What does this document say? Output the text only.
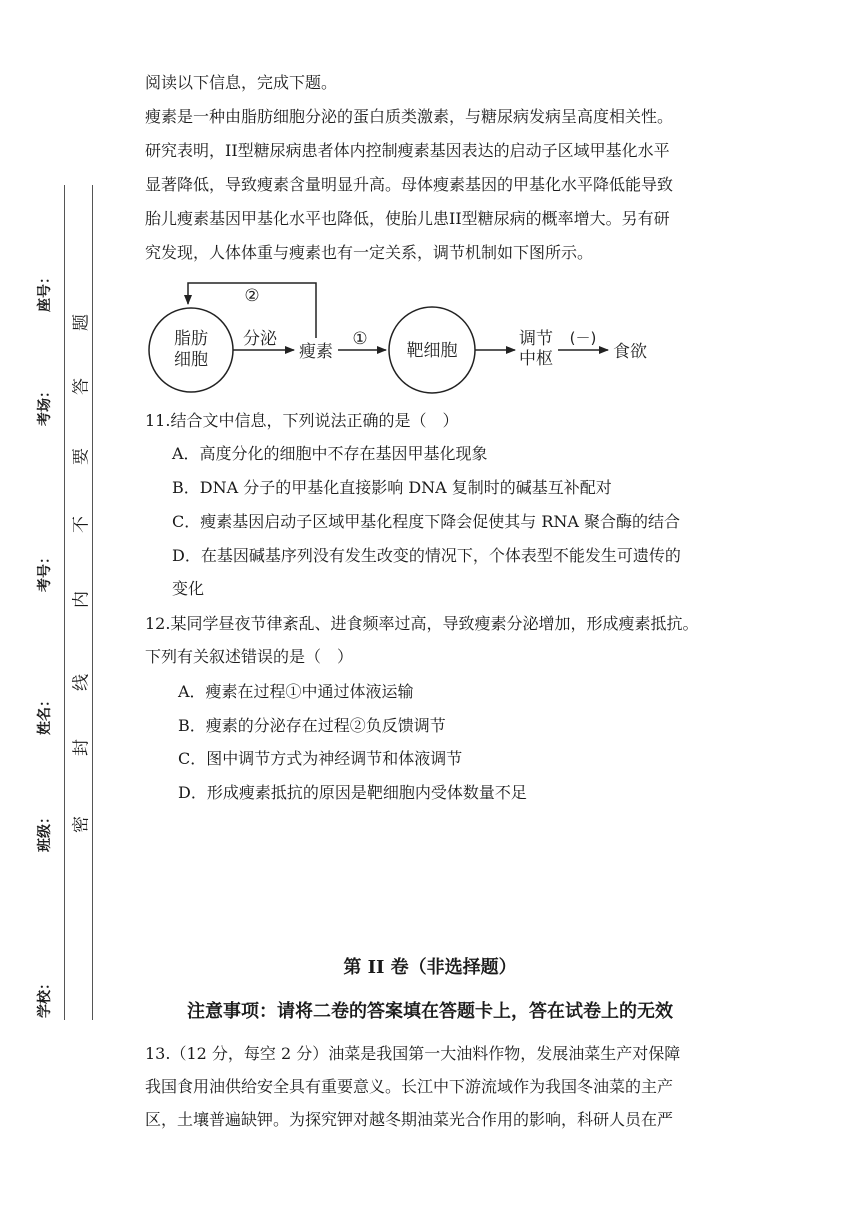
座号：
考场：
考号：
姓名：
班级：
学校：
题
答
要
不
内
线
封
密

阅读以下信息，完成下题。

瘦素是一种由脂肪细胞分泌的蛋白质类激素，与糖尿病发病呈高度相关性。

研究表明，II型糖尿病患者体内控制瘦素基因表达的启动子区域甲基化水平

显著降低，导致瘦素含量明显升高。母体瘦素基因的甲基化水平降低能导致

胎儿瘦素基因甲基化水平也降低，使胎儿患II型糖尿病的概率增大。另有研

究发现，人体体重与瘦素也有一定关系，调节机制如下图所示。

脂肪
细胞
分泌
瘦素
②
①
靶细胞
调节
中枢
(－)
食欲

11.结合文中信息，下列说法正确的是（　）

A．高度分化的细胞中不存在基因甲基化现象

B．DNA 分子的甲基化直接影响 DNA 复制时的碱基互补配对

C．瘦素基因启动子区域甲基化程度下降会促使其与 RNA 聚合酶的结合

D．在基因碱基序列没有发生改变的情况下，个体表型不能发生可遗传的

变化

12.某同学昼夜节律紊乱、进食频率过高，导致瘦素分泌增加，形成瘦素抵抗。

下列有关叙述错误的是（　）

A．瘦素在过程①中通过体液运输

B．瘦素的分泌存在过程②负反馈调节

C．图中调节方式为神经调节和体液调节

D．形成瘦素抵抗的原因是靶细胞内受体数量不足

第 II 卷（非选择题）

注意事项：请将二卷的答案填在答题卡上，答在试卷上的无效

13.（12 分，每空 2 分）油菜是我国第一大油料作物，发展油菜生产对保障

我国食用油供给安全具有重要意义。长江中下游流域作为我国冬油菜的主产

区，土壤普遍缺钾。为探究钾对越冬期油菜光合作用的影响，科研人员在严
